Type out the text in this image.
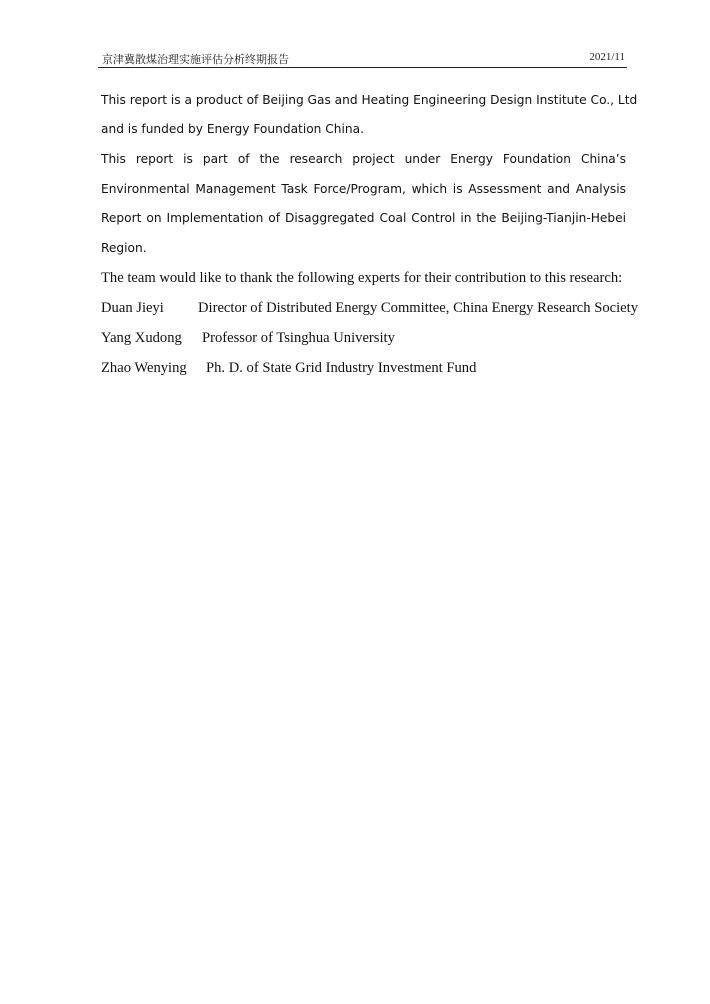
京津冀散煤治理实施评估分析终期报告	2021/11
This report is a product of Beijing Gas and Heating Engineering Design Institute Co., Ltd
and is funded by Energy Foundation China.
This report is part of the research project under Energy Foundation China’s
Environmental Management Task Force/Program, which is Assessment and Analysis
Report on Implementation of Disaggregated Coal Control in the Beijing-Tianjin-Hebei
Region.
The team would like to thank the following experts for their contribution to this research:
Duan Jieyi Director of Distributed Energy Committee, China Energy Research Society
Yang Xudong Professor of Tsinghua University
Zhao Wenying Ph. D. of State Grid Industry Investment Fund
